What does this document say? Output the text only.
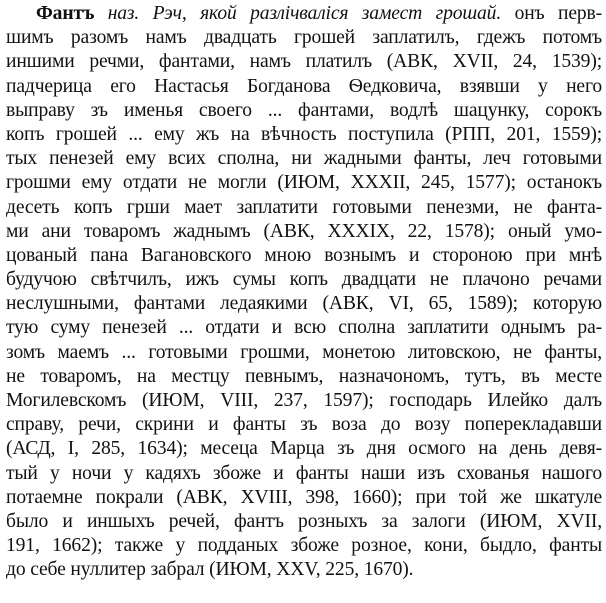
Фантъ наз. Рэч, якой разлічваліся замест грошай. онъ перв-
шимъ разомъ намъ двадцать грошей заплатилъ, гдежъ потомъ
иншими речми, фантами, намъ платилъ (АВК, XVII, 24, 1539);
падчерица его Настасья Богданова Ѳедковича, взявши у него
выправу зъ именья своего ... фантами, водлѣ шацунку, сорокъ
копъ грошей ... ему жъ на вѣчность поступила (РПП, 201, 1559);
тых пенезей ему всих сполна, ни жадными фанты, леч готовыми
грошми ему отдати не могли (ИЮМ, XXXII, 245, 1577); останокъ
десеть копъ грши мает заплатити готовыми пенезми, не фанта-
ми ани товаромъ жаднымъ (АВК, XXXIX, 22, 1578); оный умо-
цованый пана Вагановского мною вознымъ и стороною при мнѣ
будучою свѣтчилъ, ижъ сумы копъ двадцати не плачоно речами
неслушными, фантами ледаякими (АВК, VI, 65, 1589); которую
тую суму пенезей ... отдати и всю сполна заплатити однымъ ра-
зомъ маемъ ... готовыми грошми, монетою литовскою, не фанты,
не товаромъ, на местцу певнымъ, назначономъ, тутъ, въ месте
Могилевскомъ (ИЮМ, VIII, 237, 1597); господарь Илейко далъ
справу, речи, скрини и фанты зъ воза до возу поперекладавши
(АСД, I, 285, 1634); месеца Марца зъ дня осмого на день девя-
тый у ночи у кадяхъ збоже и фанты наши изъ схованья нашого
потаемне покрали (АВК, XVIII, 398, 1660); при той же шкатуле
было и иншыхъ речей, фантъ розныхъ за залоги (ИЮМ, XVII,
191, 1662); также у подданых збоже розное, кони, быдло, фанты
до себе нуллитер забрал (ИЮМ, XXV, 225, 1670).
